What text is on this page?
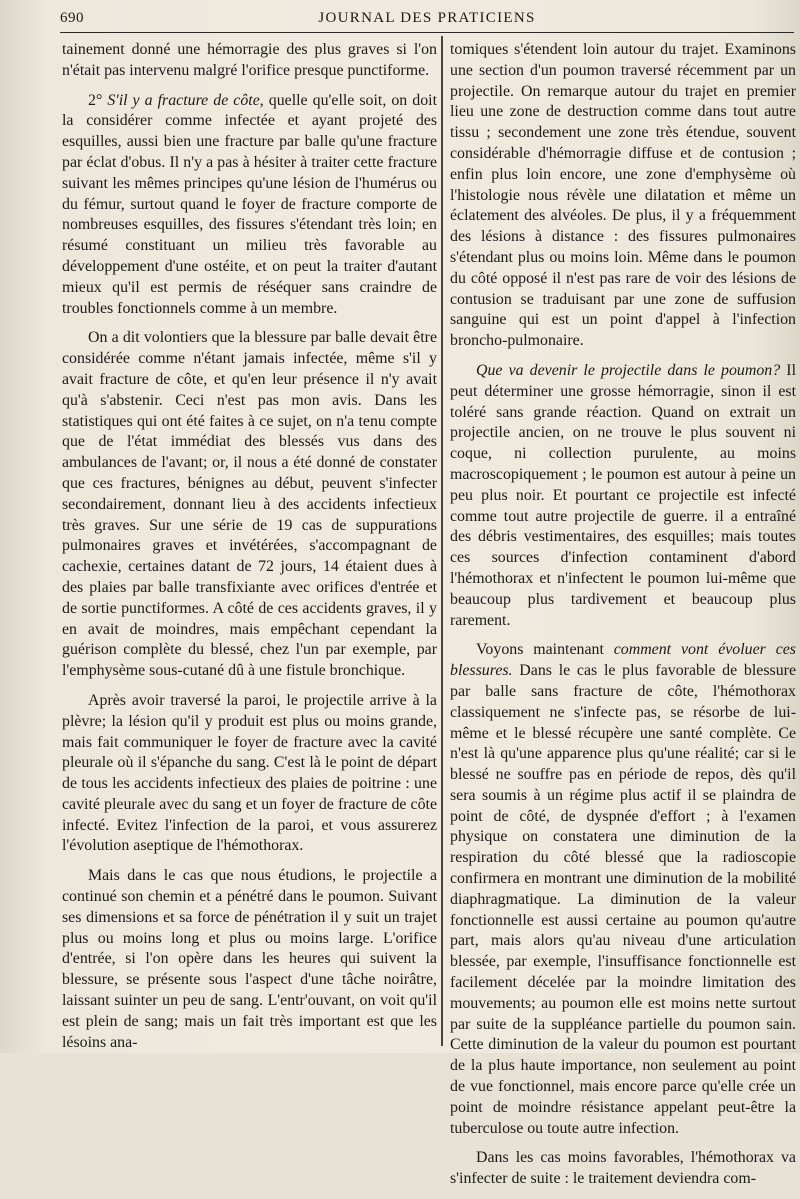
690	JOURNAL DES PRATICIENS

tainement donné une hémorragie des plus graves si l'on n'était pas intervenu malgré l'orifice presque punctiforme.

2° S'il y a fracture de côte, quelle qu'elle soit, on doit la considérer comme infectée et ayant projeté des esquilles, aussi bien une fracture par balle qu'une fracture par éclat d'obus. Il n'y a pas à hésiter à traiter cette fracture suivant les mêmes principes qu'une lésion de l'humérus ou du fémur, surtout quand le foyer de fracture comporte de nombreuses esquilles, des fissures s'étendant très loin; en résumé constituant un milieu très favorable au développement d'une ostéite, et on peut la traiter d'autant mieux qu'il est permis de réséquer sans craindre de troubles fonctionnels comme à un membre.

On a dit volontiers que la blessure par balle devait être considérée comme n'étant jamais infectée, même s'il y avait fracture de côte, et qu'en leur présence il n'y avait qu'à s'abstenir. Ceci n'est pas mon avis. Dans les statistiques qui ont été faites à ce sujet, on n'a tenu compte que de l'état immédiat des blessés vus dans des ambulances de l'avant; or, il nous a été donné de constater que ces fractures, bénignes au début, peuvent s'infecter secondairement, donnant lieu à des accidents infectieux très graves. Sur une série de 19 cas de suppurations pulmonaires graves et invétérées, s'accompagnant de cachexie, certaines datant de 72 jours, 14 étaient dues à des plaies par balle transfixiante avec orifices d'entrée et de sortie punctiformes. A côté de ces accidents graves, il y en avait de moindres, mais empêchant cependant la guérison complète du blessé, chez l'un par exemple, par l'emphysème sous-cutané dû à une fistule bronchique.

Après avoir traversé la paroi, le projectile arrive à la plèvre; la lésion qu'il y produit est plus ou moins grande, mais fait communiquer le foyer de fracture avec la cavité pleurale où il s'épanche du sang. C'est là le point de départ de tous les accidents infectieux des plaies de poitrine : une cavité pleurale avec du sang et un foyer de fracture de côte infecté. Evitez l'infection de la paroi, et vous assurerez l'évolution aseptique de l'hémothorax.

Mais dans le cas que nous étudions, le projectile a continué son chemin et a pénétré dans le poumon. Suivant ses dimensions et sa force de pénétration il y suit un trajet plus ou moins long et plus ou moins large. L'orifice d'entrée, si l'on opère dans les heures qui suivent la blessure, se présente sous l'aspect d'une tâche noirâtre, laissant suinter un peu de sang. L'entr'ouvant, on voit qu'il est plein de sang; mais un fait très important est que les lésoins ana-

tomiques s'étendent loin autour du trajet. Examinons une section d'un poumon traversé récemment par un projectile. On remarque autour du trajet en premier lieu une zone de destruction comme dans tout autre tissu ; secondement une zone très étendue, souvent considérable d'hémorragie diffuse et de contusion ; enfin plus loin encore, une zone d'emphysème où l'histologie nous révèle une dilatation et même un éclatement des alvéoles. De plus, il y a fréquemment des lésions à distance : des fissures pulmonaires s'étendant plus ou moins loin. Même dans le poumon du côté opposé il n'est pas rare de voir des lésions de contusion se traduisant par une zone de suffusion sanguine qui est un point d'appel à l'infection broncho-pulmonaire.

Que va devenir le projectile dans le poumon? Il peut déterminer une grosse hémorragie, sinon il est toléré sans grande réaction. Quand on extrait un projectile ancien, on ne trouve le plus souvent ni coque, ni collection purulente, au moins macroscopiquement ; le poumon est autour à peine un peu plus noir. Et pourtant ce projectile est infecté comme tout autre projectile de guerre. il a entraîné des débris vestimentaires, des esquilles; mais toutes ces sources d'infection contaminent d'abord l'hémothorax et n'infectent le poumon lui-même que beaucoup plus tardivement et beaucoup plus rarement.

Voyons maintenant comment vont évoluer ces blessures. Dans le cas le plus favorable de blessure par balle sans fracture de côte, l'hémothorax classiquement ne s'infecte pas, se résorbe de lui-même et le blessé récupère une santé complète. Ce n'est là qu'une apparence plus qu'une réalité; car si le blessé ne souffre pas en période de repos, dès qu'il sera soumis à un régime plus actif il se plaindra de point de côté, de dyspnée d'effort ; à l'examen physique on constatera une diminution de la respiration du côté blessé que la radioscopie confirmera en montrant une diminution de la mobilité diaphragmatique. La diminution de la valeur fonctionnelle est aussi certaine au poumon qu'autre part, mais alors qu'au niveau d'une articulation blessée, par exemple, l'insuffisance fonctionnelle est facilement décelée par la moindre limitation des mouvements; au poumon elle est moins nette surtout par suite de la suppléance partielle du poumon sain. Cette diminution de la valeur du poumon est pourtant de la plus haute importance, non seulement au point de vue fonctionnel, mais encore parce qu'elle crée un point de moindre résistance appelant peut-être la tuberculose ou toute autre infection.

Dans les cas moins favorables, l'hémothorax va s'infecter de suite : le traitement deviendra com-
